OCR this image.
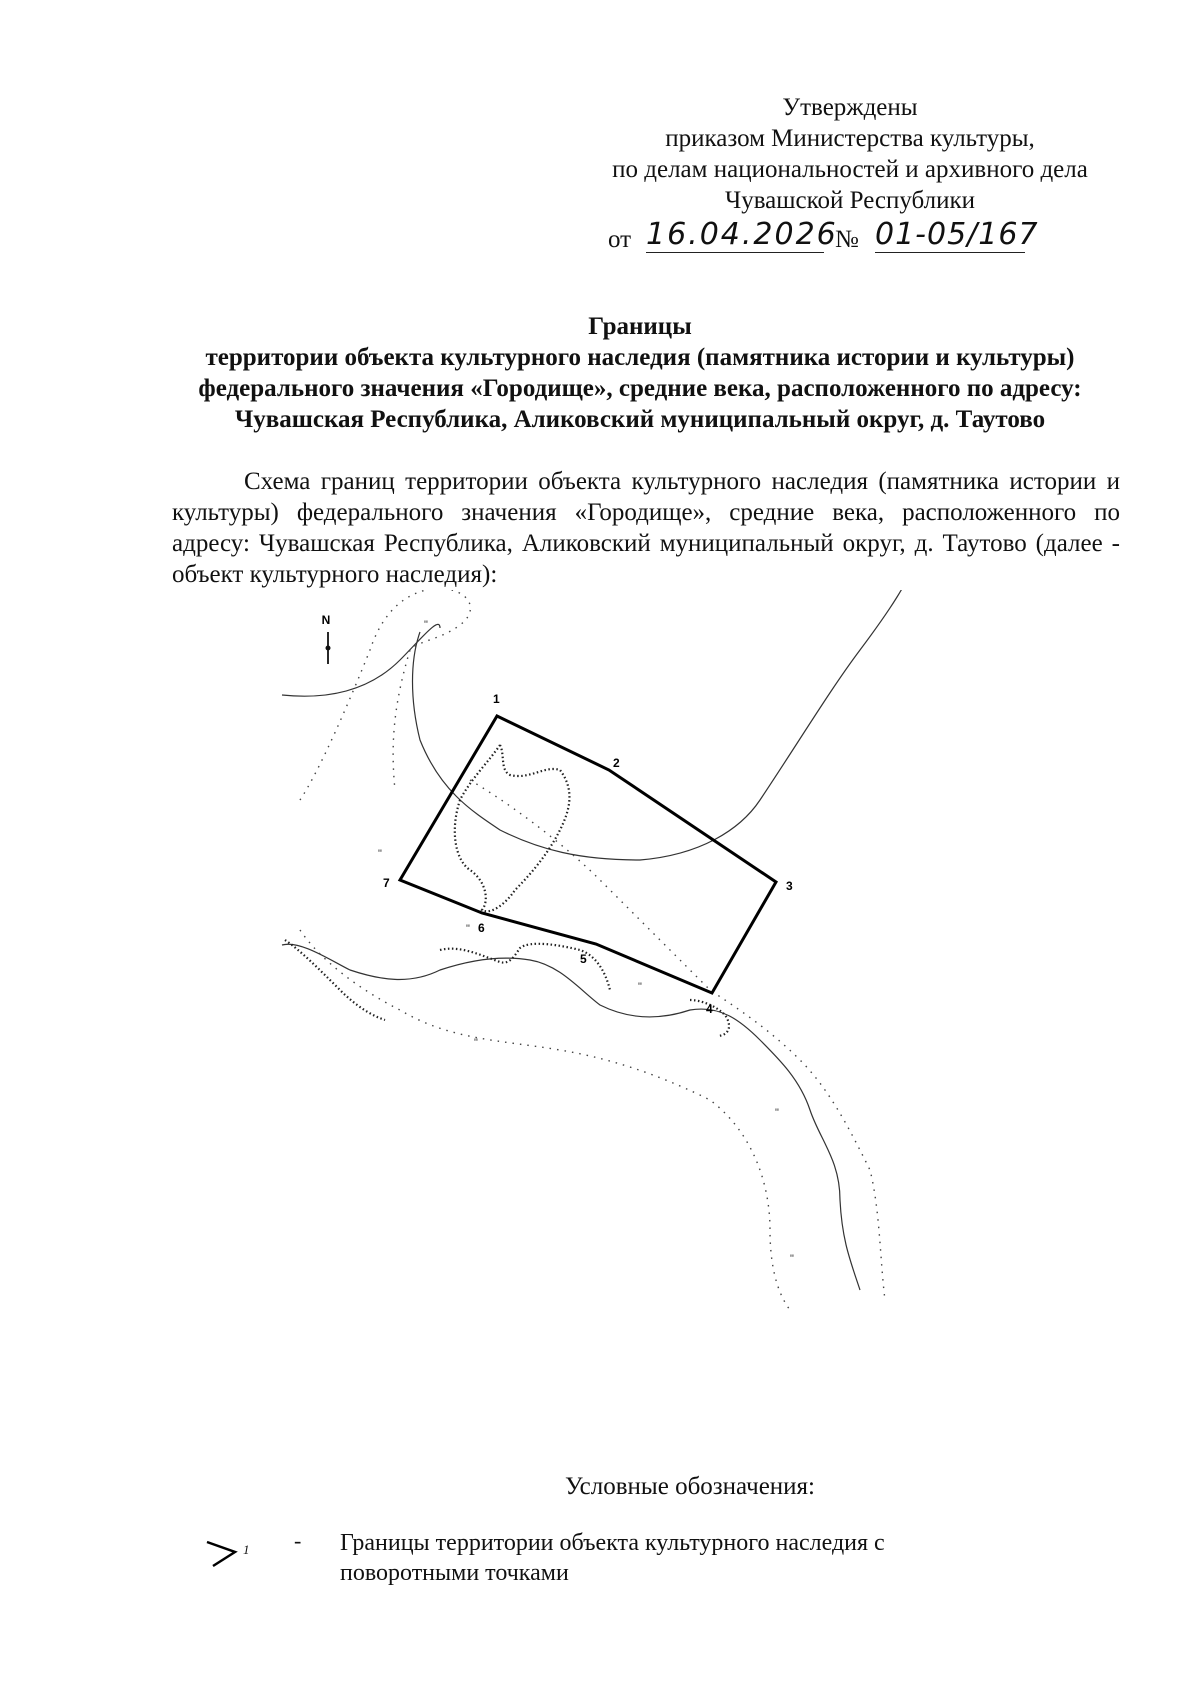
Утверждены
приказом Министерства культуры,
по делам национальностей и архивного дела
Чувашской Республики
от 16.04.2026
№ 01-05/167
Границы
территории объекта культурного наследия (памятника истории и культуры)
федерального значения «Городище», средние века, расположенного по адресу:
Чувашская Республика, Аликовский муниципальный округ, д. Таутово
Схема границ территории объекта культурного наследия (памятника истории и культуры) федерального значения «Городище», средние века, расположенного по адресу: Чувашская Республика, Аликовский муниципальный округ, д. Таутово (далее - объект культурного наследия):
N
1
2
3
4
5
6
7
"
"
"
"
"
"
"
Условные обозначения:
1 - Границы территории объекта культурного наследия с
поворотными точками
